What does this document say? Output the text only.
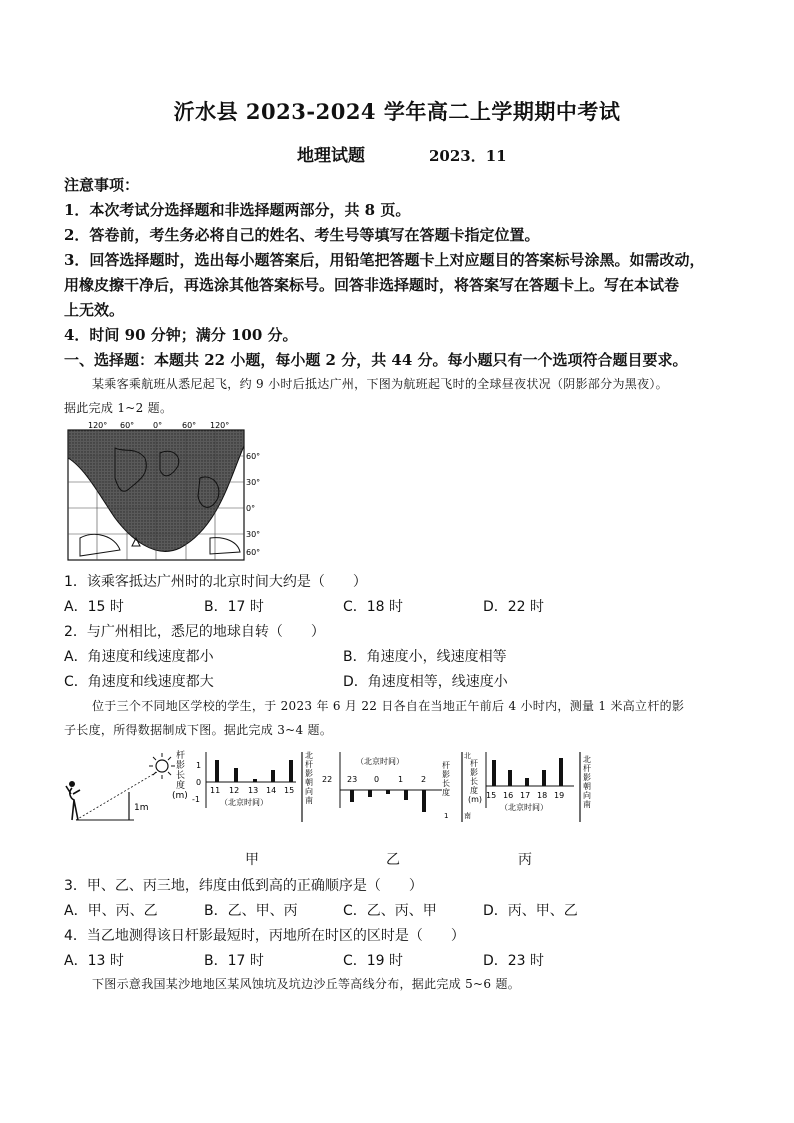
沂水县 2023-2024 学年高二上学期期中考试
地理试题	2023．11
注意事项：
1．本次考试分选择题和非选择题两部分，共 8 页。
2．答卷前，考生务必将自己的姓名、考生号等填写在答题卡指定位置。
3．回答选择题时，选出每小题答案后，用铅笔把答题卡上对应题目的答案标号涂黑。如需改动，
用橡皮擦干净后，再选涂其他答案标号。回答非选择题时，将答案写在答题卡上。写在本试卷
上无效。
4．时间 90 分钟；满分 100 分。
一、选择题：本题共 22 小题，每小题 2 分，共 44 分。每小题只有一个选项符合题目要求。
某乘客乘航班从悉尼起飞，约 9 小时后抵达广州，下图为航班起飞时的全球昼夜状况（阴影部分为黑夜）。
据此完成 1~2 题。
120° 60° 0° 60° 120°
60°
30°
0°
30°
60°
1．该乘客抵达广州时的北京时间大约是（　　）
A．15 时	B．17 时	C．18 时	D．22 时
2．与广州相比，悉尼的地球自转（　　）
A．角速度和线速度都小	B．角速度小，线速度相等
C．角速度和线速度都大	D．角速度相等，线速度小
位于三个不同地区学校的学生，于 2023 年 6 月 22 日各自在当地正午前后 4 小时内，测量 1 米高立杆的影
子长度，所得数据制成下图。据此完成 3~4 题。
1m
杆影长度(m)
1
0
-1
11 12 13 14 15
（北京时间）
北杆影朝向南
（北京时间）
22 23 0 1 2
杆影长度
1
北南
杆影长度(m) 15 16 17 18 19
（北京时间）
北杆影朝向南
甲	乙	丙
3．甲、乙、丙三地，纬度由低到高的正确顺序是（　　）
A．甲、丙、乙	B．乙、甲、丙	C．乙、丙、甲	D．丙、甲、乙
4．当乙地测得该日杆影最短时，丙地所在时区的区时是（　　）
A．13 时	B．17 时	C．19 时	D．23 时
下图示意我国某沙地地区某风蚀坑及坑边沙丘等高线分布，据此完成 5~6 题。
